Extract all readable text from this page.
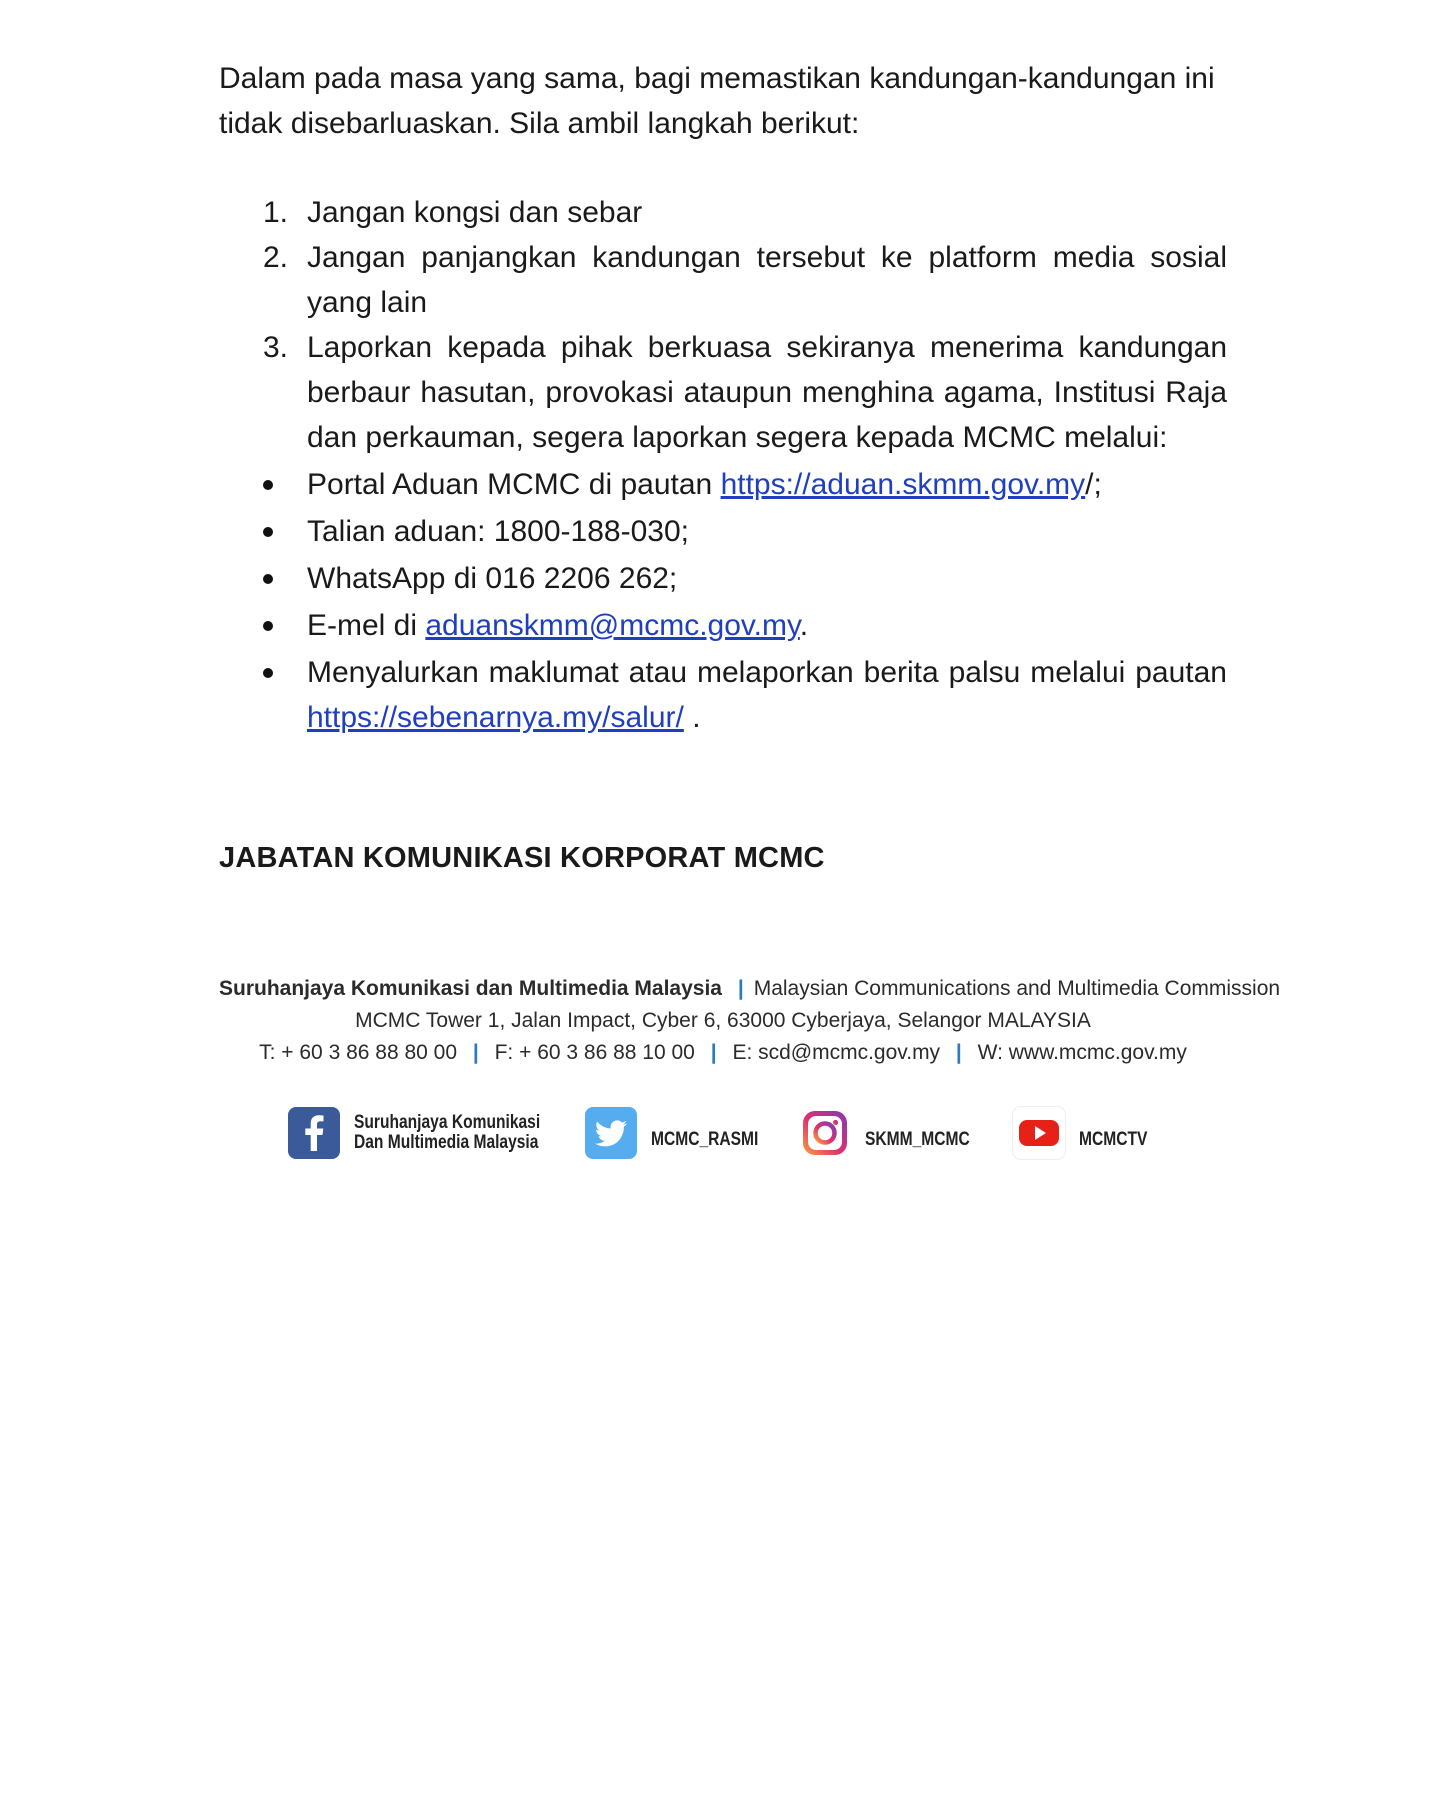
Dalam pada masa yang sama, bagi memastikan kandungan-kandungan ini tidak disebarluaskan. Sila ambil langkah berikut:

1. Jangan kongsi dan sebar
2. Jangan panjangkan kandungan tersebut ke platform media sosial yang lain
3. Laporkan kepada pihak berkuasa sekiranya menerima kandungan berbaur hasutan, provokasi ataupun menghina agama, Institusi Raja dan perkauman, segera laporkan segera kepada MCMC melalui:
Portal Aduan MCMC di pautan https://aduan.skmm.gov.my/;
Talian aduan: 1800-188-030;
WhatsApp di 016 2206 262;
E-mel di aduanskmm@mcmc.gov.my.
Menyalurkan maklumat atau melaporkan berita palsu melalui pautan https://sebenarnya.my/salur/ .
JABATAN KOMUNIKASI KORPORAT MCMC
Suruhanjaya Komunikasi dan Multimedia Malaysia | Malaysian Communications and Multimedia Commission
MCMC Tower 1, Jalan Impact, Cyber 6, 63000 Cyberjaya, Selangor MALAYSIA
T: + 60 3 86 88 80 00 | F: + 60 3 86 88 10 00 | E: scd@mcmc.gov.my | W: www.mcmc.gov.my
Suruhanjaya Komunikasi
Dan Multimedia Malaysia	MCMC_RASMI	SKMM_MCMC	MCMCTV
